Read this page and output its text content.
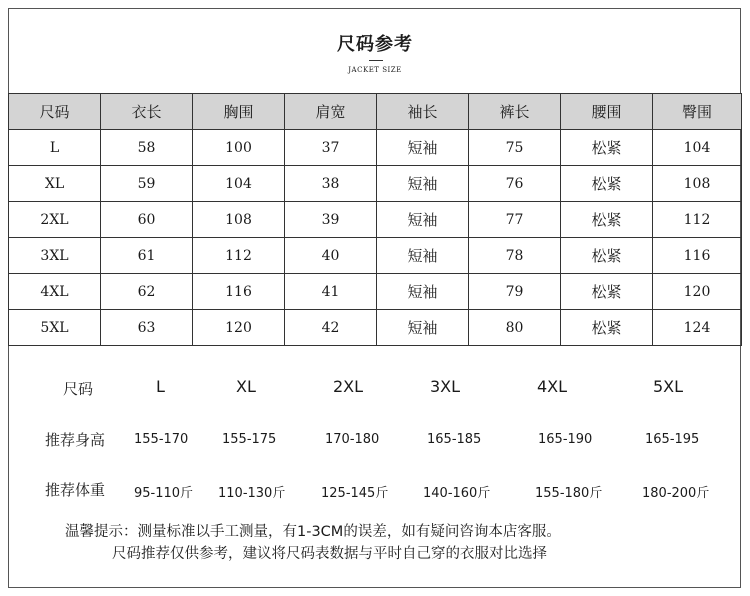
尺码参考
JACKET SIZE
尺码	衣长	胸围	肩宽	袖长	裤长	腰围	臀围
L	58	100	37	短袖	75	松紧	104
XL	59	104	38	短袖	76	松紧	108
2XL	60	108	39	短袖	77	松紧	112
3XL	61	112	40	短袖	78	松紧	116
4XL	62	116	41	短袖	79	松紧	120
5XL	63	120	42	短袖	80	松紧	124
尺码	L	XL	2XL	3XL	4XL	5XL
推荐身高 155-170	155-175	170-180	165-185	165-190	165-195
推荐体重 95-110斤 110-130斤	125-145斤	140-160斤	155-180斤	180-200斤
温馨提示：测量标准以手工测量，有1-3CM的误差，如有疑问咨询本店客服。
尺码推荐仅供参考，建议将尺码表数据与平时自己穿的衣服对比选择
